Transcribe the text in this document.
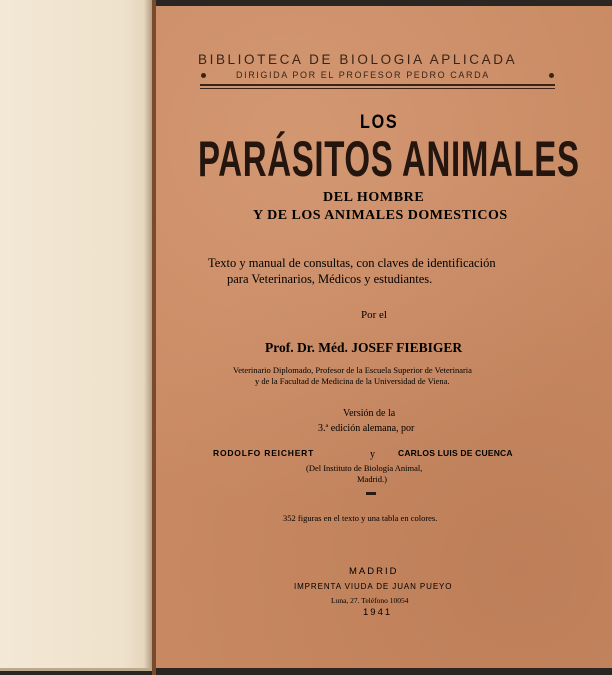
BIBLIOTECA DE BIOLOGIA APLICADA
DIRIGIDA POR EL PROFESOR PEDRO CARDA
LOS
PARÁSITOS ANIMALES
DEL HOMBRE
Y DE LOS ANIMALES DOMESTICOS
Texto y manual de consultas, con claves de identificación
para Veterinarios, Médicos y estudiantes.
Por el
Prof. Dr. Méd. JOSEF FIEBIGER
Veterinario Diplomado, Profesor de la Escuela Superior de Veterinaria
y de la Facultad de Medicina de la Universidad de Viena.
Versión de la
3.ª edición alemana, por
RODOLFO REICHERT	y	CARLOS LUIS DE CUENCA
(Del Instituto de Biología Animal,
Madrid.)
352 figuras en el texto y una tabla en colores.
MADRID
IMPRENTA VIUDA DE JUAN PUEYO
Luna, 27. Teléfono 10054
1941
